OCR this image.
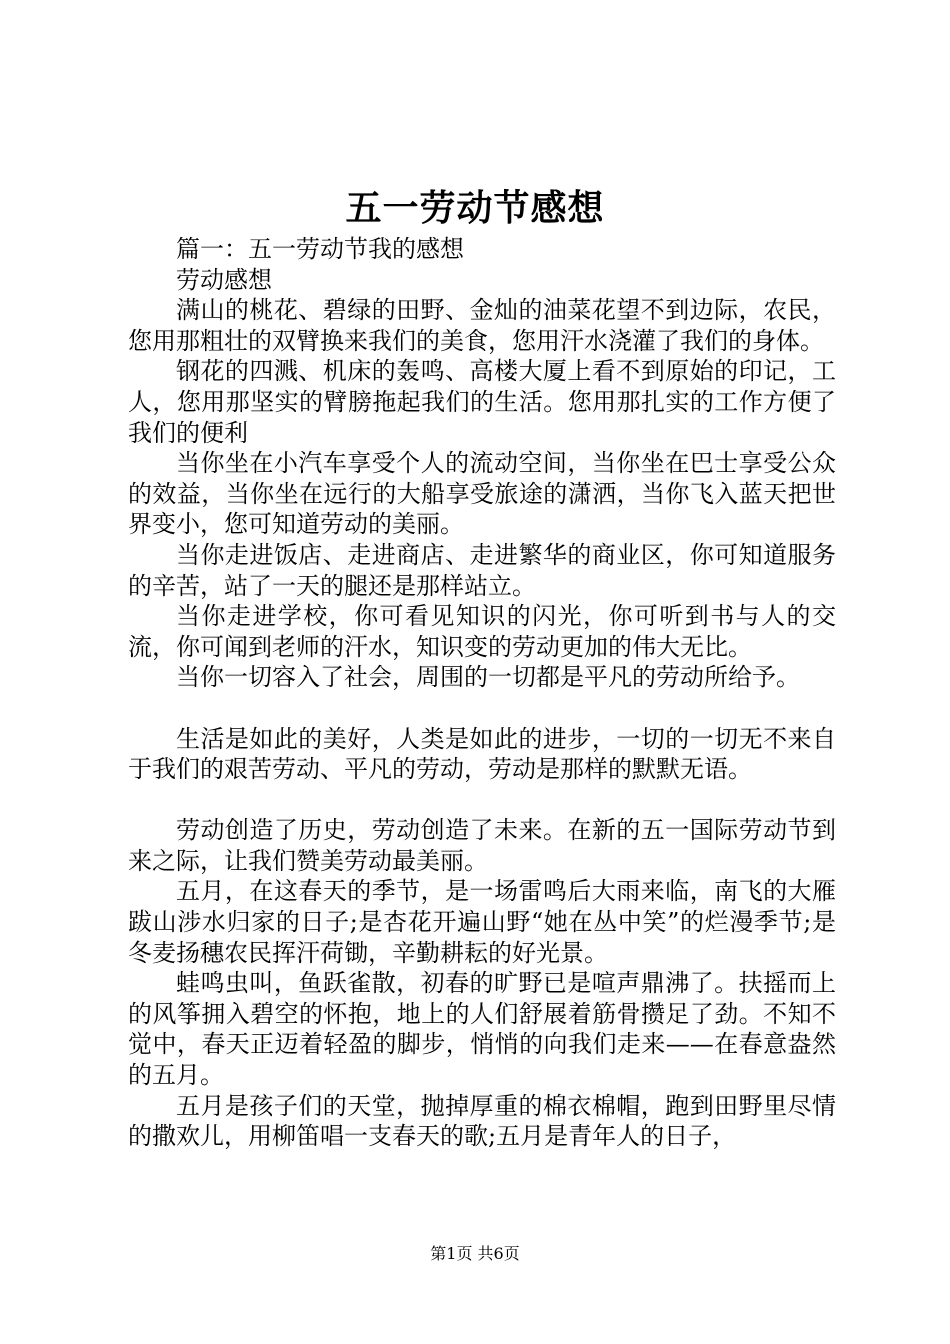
五一劳动节感想

篇一：五一劳动节我的感想

劳动感想

满山的桃花、碧绿的田野、金灿的油菜花望不到边际，农民，您用那粗壮的双臂换来我们的美食，您用汗水浇灌了我们的身体。

钢花的四溅、机床的轰鸣、高楼大厦上看不到原始的印记，工人，您用那坚实的臂膀拖起我们的生活。您用那扎实的工作方便了我们的便利

当你坐在小汽车享受个人的流动空间，当你坐在巴士享受公众的效益，当你坐在远行的大船享受旅途的潇洒，当你飞入蓝天把世界变小，您可知道劳动的美丽。

当你走进饭店、走进商店、走进繁华的商业区，你可知道服务的辛苦，站了一天的腿还是那样站立。

当你走进学校，你可看见知识的闪光，你可听到书与人的交流，你可闻到老师的汗水，知识变的劳动更加的伟大无比。

当你一切容入了社会，周围的一切都是平凡的劳动所给予。

生活是如此的美好，人类是如此的进步，一切的一切无不来自于我们的艰苦劳动、平凡的劳动，劳动是那样的默默无语。

劳动创造了历史，劳动创造了未来。在新的五一国际劳动节到来之际，让我们赞美劳动最美丽。

五月，在这春天的季节，是一场雷鸣后大雨来临，南飞的大雁跋山涉水归家的日子;是杏花开遍山野“她在丛中笑”的烂漫季节;是冬麦扬穗农民挥汗荷锄，辛勤耕耘的好光景。

蛙鸣虫叫，鱼跃雀散，初春的旷野已是喧声鼎沸了。扶摇而上的风筝拥入碧空的怀抱，地上的人们舒展着筋骨攒足了劲。不知不觉中，春天正迈着轻盈的脚步，悄悄的向我们走来——在春意盎然的五月。

五月是孩子们的天堂，抛掉厚重的棉衣棉帽，跑到田野里尽情的撒欢儿，用柳笛唱一支春天的歌;五月是青年人的日子，

第1页 共6页
